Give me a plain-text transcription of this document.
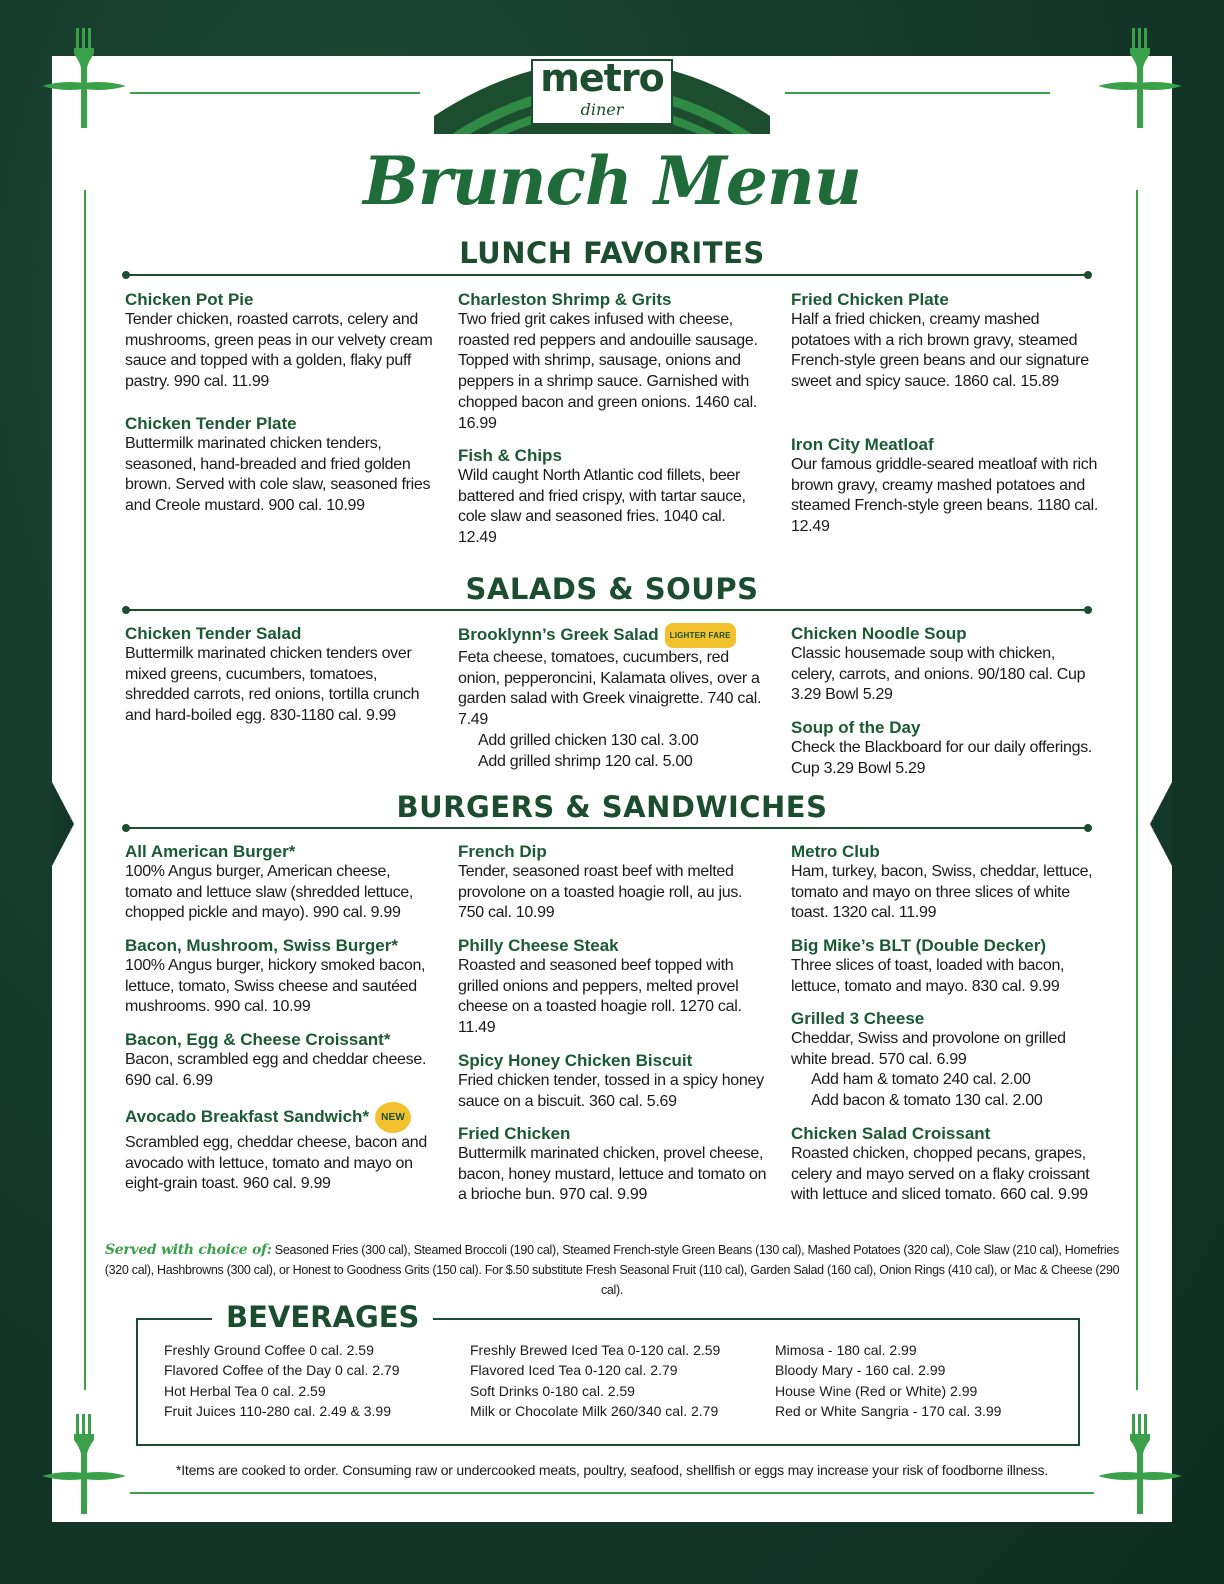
metro
diner
®
Brunch Menu
LUNCH FAVORITES
Chicken Pot Pie
Tender chicken, roasted carrots, celery and mushrooms, green peas in our velvety cream sauce and topped with a golden, flaky puff pastry. 990 cal. 11.99
Chicken Tender Plate
Buttermilk marinated chicken tenders, seasoned, hand-breaded and fried golden brown. Served with cole slaw, seasoned fries and Creole mustard. 900 cal. 10.99
Charleston Shrimp & Grits
Two fried grit cakes infused with cheese, roasted red peppers and andouille sausage. Topped with shrimp, sausage, onions and peppers in a shrimp sauce. Garnished with chopped bacon and green onions. 1460 cal. 16.99
Fish & Chips
Wild caught North Atlantic cod fillets, beer battered and fried crispy, with tartar sauce, cole slaw and seasoned fries. 1040 cal. 12.49
Fried Chicken Plate
Half a fried chicken, creamy mashed potatoes with a rich brown gravy, steamed French-style green beans and our signature sweet and spicy sauce. 1860 cal. 15.89
Iron City Meatloaf
Our famous griddle-seared meatloaf with rich brown gravy, creamy mashed potatoes and steamed French-style green beans. 1180 cal. 12.49
SALADS & SOUPS
Chicken Tender Salad
Buttermilk marinated chicken tenders over mixed greens, cucumbers, tomatoes, shredded carrots, red onions, tortilla crunch and hard-boiled egg. 830-1180 cal. 9.99
Brooklynn’s Greek Salad LIGHTER FARE
Feta cheese, tomatoes, cucumbers, red onion, pepperoncini, Kalamata olives, over a garden salad with Greek vinaigrette. 740 cal. 7.49
Add grilled chicken 130 cal. 3.00
Add grilled shrimp 120 cal. 5.00
Chicken Noodle Soup
Classic housemade soup with chicken, celery, carrots, and onions. 90/180 cal. Cup 3.29 Bowl 5.29
Soup of the Day
Check the Blackboard for our daily offerings. Cup 3.29 Bowl 5.29
BURGERS & SANDWICHES
All American Burger*
100% Angus burger, American cheese, tomato and lettuce slaw (shredded lettuce, chopped pickle and mayo). 990 cal. 9.99
Bacon, Mushroom, Swiss Burger*
100% Angus burger, hickory smoked bacon, lettuce, tomato, Swiss cheese and sautéed mushrooms. 990 cal. 10.99
Bacon, Egg & Cheese Croissant*
Bacon, scrambled egg and cheddar cheese. 690 cal. 6.99
Avocado Breakfast Sandwich* NEW
Scrambled egg, cheddar cheese, bacon and avocado with lettuce, tomato and mayo on eight-grain toast. 960 cal. 9.99
French Dip
Tender, seasoned roast beef with melted provolone on a toasted hoagie roll, au jus. 750 cal. 10.99
Philly Cheese Steak
Roasted and seasoned beef topped with grilled onions and peppers, melted provel cheese on a toasted hoagie roll. 1270 cal. 11.49
Spicy Honey Chicken Biscuit
Fried chicken tender, tossed in a spicy honey sauce on a biscuit. 360 cal. 5.69
Fried Chicken
Buttermilk marinated chicken, provel cheese, bacon, honey mustard, lettuce and tomato on a brioche bun. 970 cal. 9.99
Metro Club
Ham, turkey, bacon, Swiss, cheddar, lettuce, tomato and mayo on three slices of white toast. 1320 cal. 11.99
Big Mike’s BLT (Double Decker)
Three slices of toast, loaded with bacon, lettuce, tomato and mayo. 830 cal. 9.99
Grilled 3 Cheese
Cheddar, Swiss and provolone on grilled white bread. 570 cal. 6.99
Add ham & tomato 240 cal. 2.00
Add bacon & tomato 130 cal. 2.00
Chicken Salad Croissant
Roasted chicken, chopped pecans, grapes, celery and mayo served on a flaky croissant with lettuce and sliced tomato. 660 cal. 9.99
Served with choice of: Seasoned Fries (300 cal), Steamed Broccoli (190 cal), Steamed French-style Green Beans (130 cal), Mashed Potatoes (320 cal), Cole Slaw (210 cal), Homefries (320 cal), Hashbrowns (300 cal), or Honest to Goodness Grits (150 cal). For $.50 substitute Fresh Seasonal Fruit (110 cal), Garden Salad (160 cal), Onion Rings (410 cal), or Mac & Cheese (290 cal).
BEVERAGES
Freshly Ground Coffee 0 cal. 2.59
Flavored Coffee of the Day 0 cal. 2.79
Hot Herbal Tea 0 cal. 2.59
Fruit Juices 110-280 cal. 2.49 & 3.99
Freshly Brewed Iced Tea 0-120 cal. 2.59
Flavored Iced Tea 0-120 cal. 2.79
Soft Drinks 0-180 cal. 2.59
Milk or Chocolate Milk 260/340 cal. 2.79
Mimosa - 180 cal. 2.99
Bloody Mary - 160 cal. 2.99
House Wine (Red or White) 2.99
Red or White Sangria - 170 cal. 3.99
*Items are cooked to order. Consuming raw or undercooked meats, poultry, seafood, shellfish or eggs may increase your risk of foodborne illness.
